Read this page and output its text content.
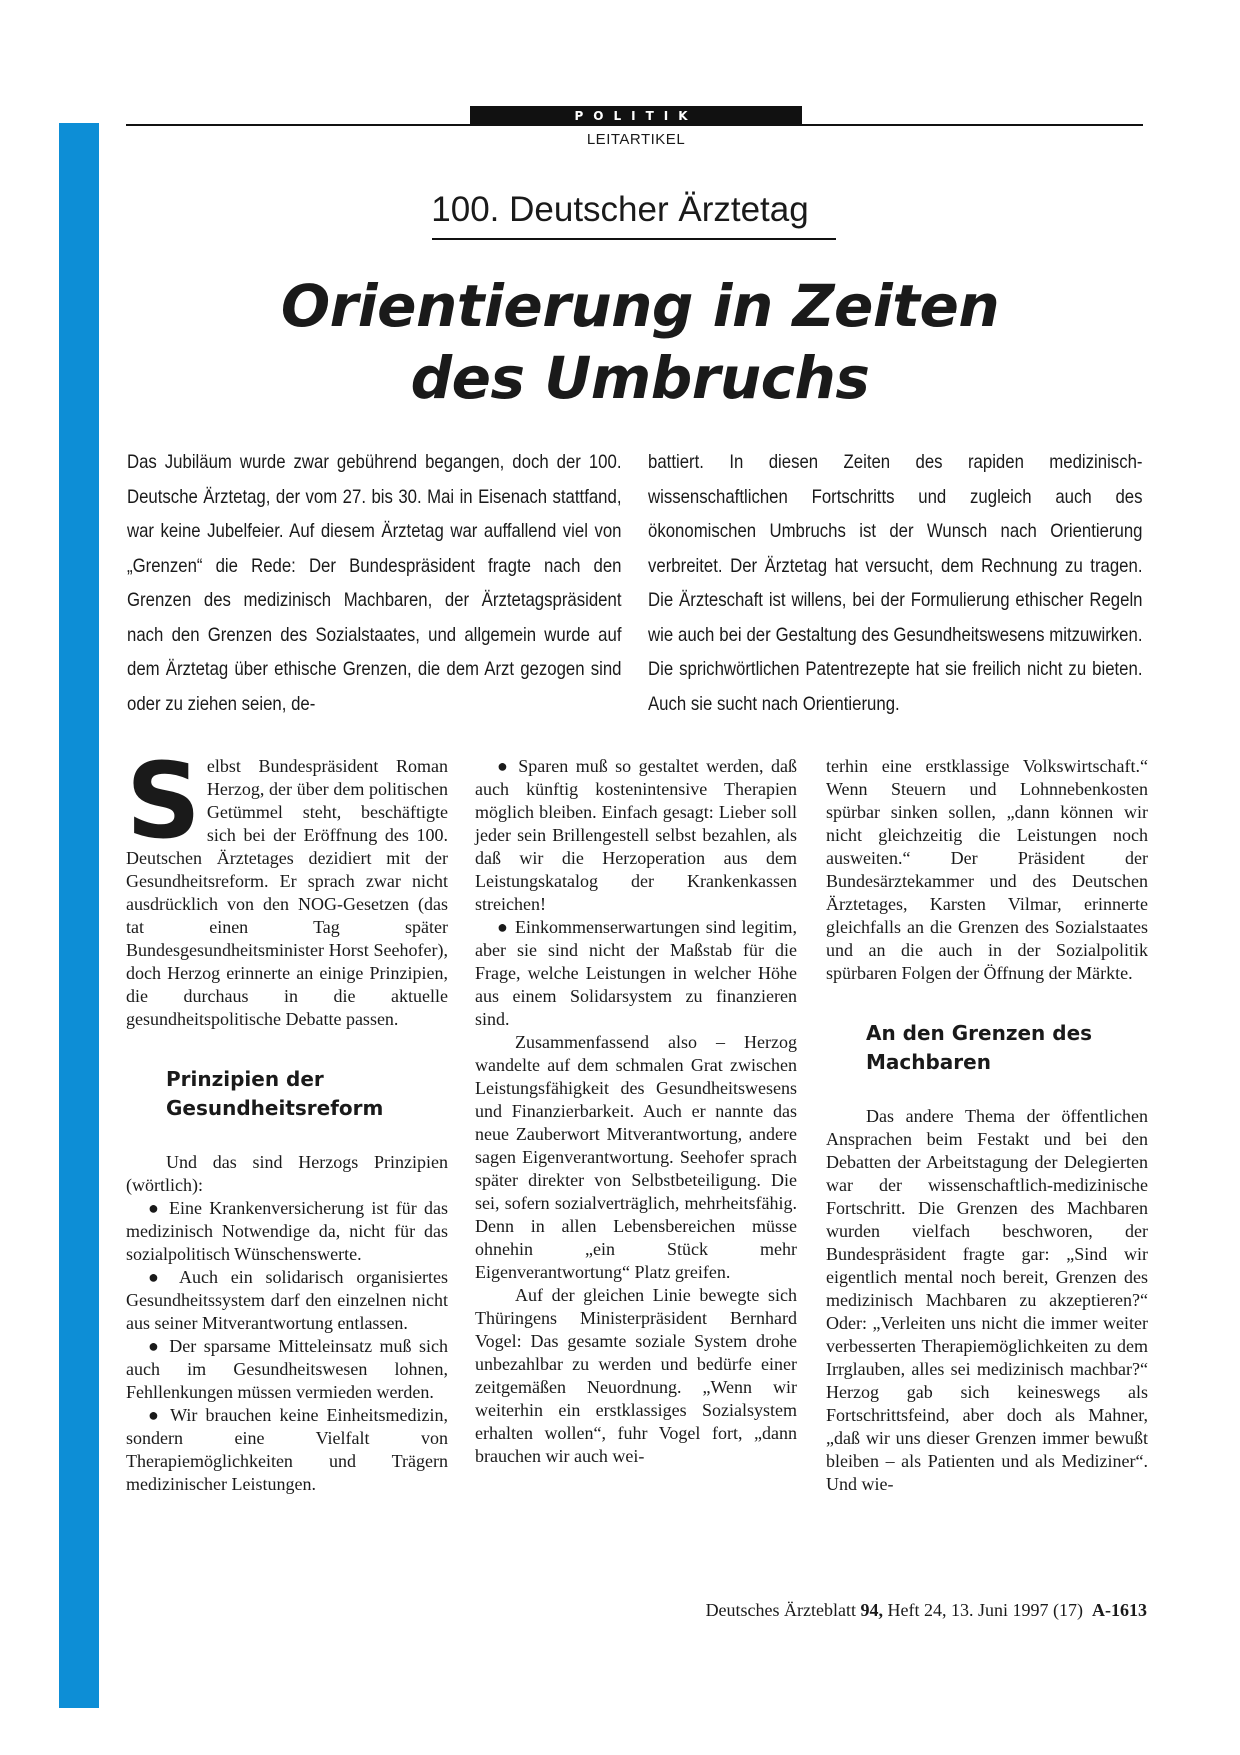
POLITIK
LEITARTIKEL
100. Deutscher Ärztetag
Orientierung in Zeiten
des Umbruchs

Das Jubiläum wurde zwar gebührend begangen, doch der 100. Deutsche Ärztetag, der vom 27. bis 30. Mai in Eisenach stattfand, war keine Jubelfeier. Auf diesem Ärztetag war auffallend viel von „Grenzen“ die Rede: Der Bundespräsident fragte nach den Grenzen des medizinisch Machbaren, der Ärztetagspräsident nach den Grenzen des Sozialstaates, und allgemein wurde auf dem Ärztetag über ethische Grenzen, die dem Arzt gezogen sind oder zu ziehen seien, de-

battiert. In diesen Zeiten des rapiden medizinisch-wissenschaftlichen Fortschritts und zugleich auch des ökonomischen Umbruchs ist der Wunsch nach Orientierung verbreitet. Der Ärztetag hat versucht, dem Rechnung zu tragen. Die Ärzteschaft ist willens, bei der Formulierung ethischer Regeln wie auch bei der Gestaltung des Gesundheitswesens mitzuwirken. Die sprichwörtlichen Patentrezepte hat sie freilich nicht zu bieten. Auch sie sucht nach Orientierung.

Selbst Bundespräsident Roman Herzog, der über dem politischen Getümmel steht, beschäftigte sich bei der Eröffnung des 100. Deutschen Ärztetages dezidiert mit der Gesundheitsreform. Er sprach zwar nicht ausdrücklich von den NOG-Gesetzen (das tat einen Tag später Bundesgesundheitsminister Horst Seehofer), doch Herzog erinnerte an einige Prinzipien, die durchaus in die aktuelle gesundheitspolitische Debatte passen.

Prinzipien der Gesundheitsreform

Und das sind Herzogs Prinzipien (wörtlich):

● Eine Krankenversicherung ist für das medizinisch Notwendige da, nicht für das sozialpolitisch Wünschenswerte.

● Auch ein solidarisch organisiertes Gesundheitssystem darf den einzelnen nicht aus seiner Mitverantwortung entlassen.

● Der sparsame Mitteleinsatz muß sich auch im Gesundheitswesen lohnen, Fehllenkungen müssen vermieden werden.

● Wir brauchen keine Einheitsmedizin, sondern eine Vielfalt von Therapiemöglichkeiten und Trägern medizinischer Leistungen.

● Sparen muß so gestaltet werden, daß auch künftig kostenintensive Therapien möglich bleiben. Einfach gesagt: Lieber soll jeder sein Brillengestell selbst bezahlen, als daß wir die Herzoperation aus dem Leistungskatalog der Krankenkassen streichen!

● Einkommenserwartungen sind legitim, aber sie sind nicht der Maßstab für die Frage, welche Leistungen in welcher Höhe aus einem Solidarsystem zu finanzieren sind.

Zusammenfassend also – Herzog wandelte auf dem schmalen Grat zwischen Leistungsfähigkeit des Gesundheitswesens und Finanzierbarkeit. Auch er nannte das neue Zauberwort Mitverantwortung, andere sagen Eigenverantwortung. Seehofer sprach später direkter von Selbstbeteiligung. Die sei, sofern sozialverträglich, mehrheitsfähig. Denn in allen Lebensbereichen müsse ohnehin „ein Stück mehr Eigenverantwortung“ Platz greifen.

Auf der gleichen Linie bewegte sich Thüringens Ministerpräsident Bernhard Vogel: Das gesamte soziale System drohe unbezahlbar zu werden und bedürfe einer zeitgemäßen Neuordnung. „Wenn wir weiterhin ein erstklassiges Sozialsystem erhalten wollen“, fuhr Vogel fort, „dann brauchen wir auch wei-

terhin eine erstklassige Volkswirtschaft.“ Wenn Steuern und Lohnnebenkosten spürbar sinken sollen, „dann können wir nicht gleichzeitig die Leistungen noch ausweiten.“ Der Präsident der Bundesärztekammer und des Deutschen Ärztetages, Karsten Vilmar, erinnerte gleichfalls an die Grenzen des Sozialstaates und an die auch in der Sozialpolitik spürbaren Folgen der Öffnung der Märkte.

An den Grenzen des Machbaren

Das andere Thema der öffentlichen Ansprachen beim Festakt und bei den Debatten der Arbeitstagung der Delegierten war der wissenschaftlich-medizinische Fortschritt. Die Grenzen des Machbaren wurden vielfach beschworen, der Bundespräsident fragte gar: „Sind wir eigentlich mental noch bereit, Grenzen des medizinisch Machbaren zu akzeptieren?“ Oder: „Verleiten uns nicht die immer weiter verbesserten Therapiemöglichkeiten zu dem Irrglauben, alles sei medizinisch machbar?“ Herzog gab sich keineswegs als Fortschrittsfeind, aber doch als Mahner, „daß wir uns dieser Grenzen immer bewußt bleiben – als Patienten und als Mediziner“. Und wie-

Deutsches Ärzteblatt 94, Heft 24, 13. Juni 1997 (17) A-1613
